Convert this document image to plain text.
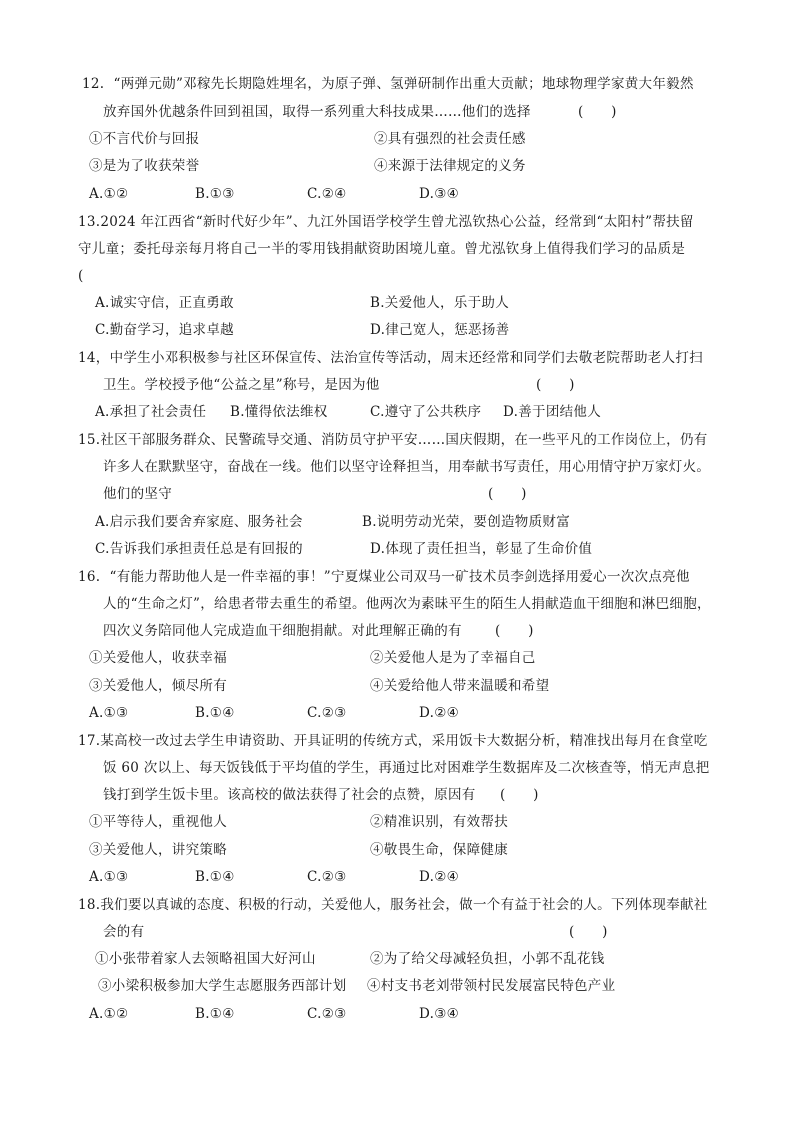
12.  “两弹元勋”邓稼先长期隐姓埋名，为原子弹、氢弹研制作出重大贡献；地球物理学家黄大年毅然
放弃国外优越条件回到祖国，取得一系列重大科技成果……他们的选择	(      )
①不言代价与回报	②具有强烈的社会责任感
③是为了收获荣誉	④来源于法律规定的义务
A.①②	B.①③	C.②④	D.③④
13.2024 年江西省“新时代好少年”、九江外国语学校学生曾尤泓钦热心公益，经常到“太阳村”帮扶留
守儿童；委托母亲每月将自己一半的零用钱捐献资助困境儿童。曾尤泓钦身上值得我们学习的品质是
(
A.诚实守信，正直勇敢	B.关爱他人，乐于助人
C.勤奋学习，追求卓越	D.律己宽人，惩恶扬善
14，中学生小邓积极参与社区环保宣传、法治宣传等活动，周末还经常和同学们去敬老院帮助老人打扫
卫生。学校授予他“公益之星”称号，是因为他	(      )
A.承担了社会责任 B.懂得依法维权	C.遵守了公共秩序 D.善于团结他人
15.社区干部服务群众、民警疏导交通、消防员守护平安……国庆假期，在一些平凡的工作岗位上，仍有
许多人在默默坚守，奋战在一线。他们以坚守诠释担当，用奉献书写责任，用心用情守护万家灯火。
他们的坚守	(      )
A.启示我们要舍弃家庭、服务社会	B.说明劳动光荣，要创造物质财富
C.告诉我们承担责任总是有回报的	D.体现了责任担当，彰显了生命价值
16.  “有能力帮助他人是一件幸福的事！”宁夏煤业公司双马一矿技术员李剑选择用爱心一次次点亮他
人的“生命之灯”，给患者带去重生的希望。他两次为素昧平生的陌生人捐献造血干细胞和淋巴细胞，
四次义务陪同他人完成造血干细胞捐献。对此理解正确的有 (      )
①关爱他人，收获幸福	②关爱他人是为了幸福自己
③关爱他人，倾尽所有	④关爱给他人带来温暖和希望
A.①③	B.①④	C.②③	D.②④
17.某高校一改过去学生申请资助、开具证明的传统方式，采用饭卡大数据分析，精准找出每月在食堂吃
饭 60 次以上、每天饭钱低于平均值的学生，再通过比对困难学生数据库及二次核查等，悄无声息把
钱打到学生饭卡里。该高校的做法获得了社会的点赞，原因有 (      )
①平等待人，重视他人	②精准识别，有效帮扶
③关爱他人，讲究策略	④敬畏生命，保障健康
A.①③	B.①④	C.②③	D.②④
18.我们要以真诚的态度、积极的行动，关爱他人，服务社会，做一个有益于社会的人。下列体现奉献社
会的有	(      )
①小张带着家人去领略祖国大好河山	②为了给父母减轻负担，小郭不乱花钱
③小梁积极参加大学生志愿服务西部计划 ④村支书老刘带领村民发展富民特色产业
A.①②	B.①④	C.②③	D.③④
